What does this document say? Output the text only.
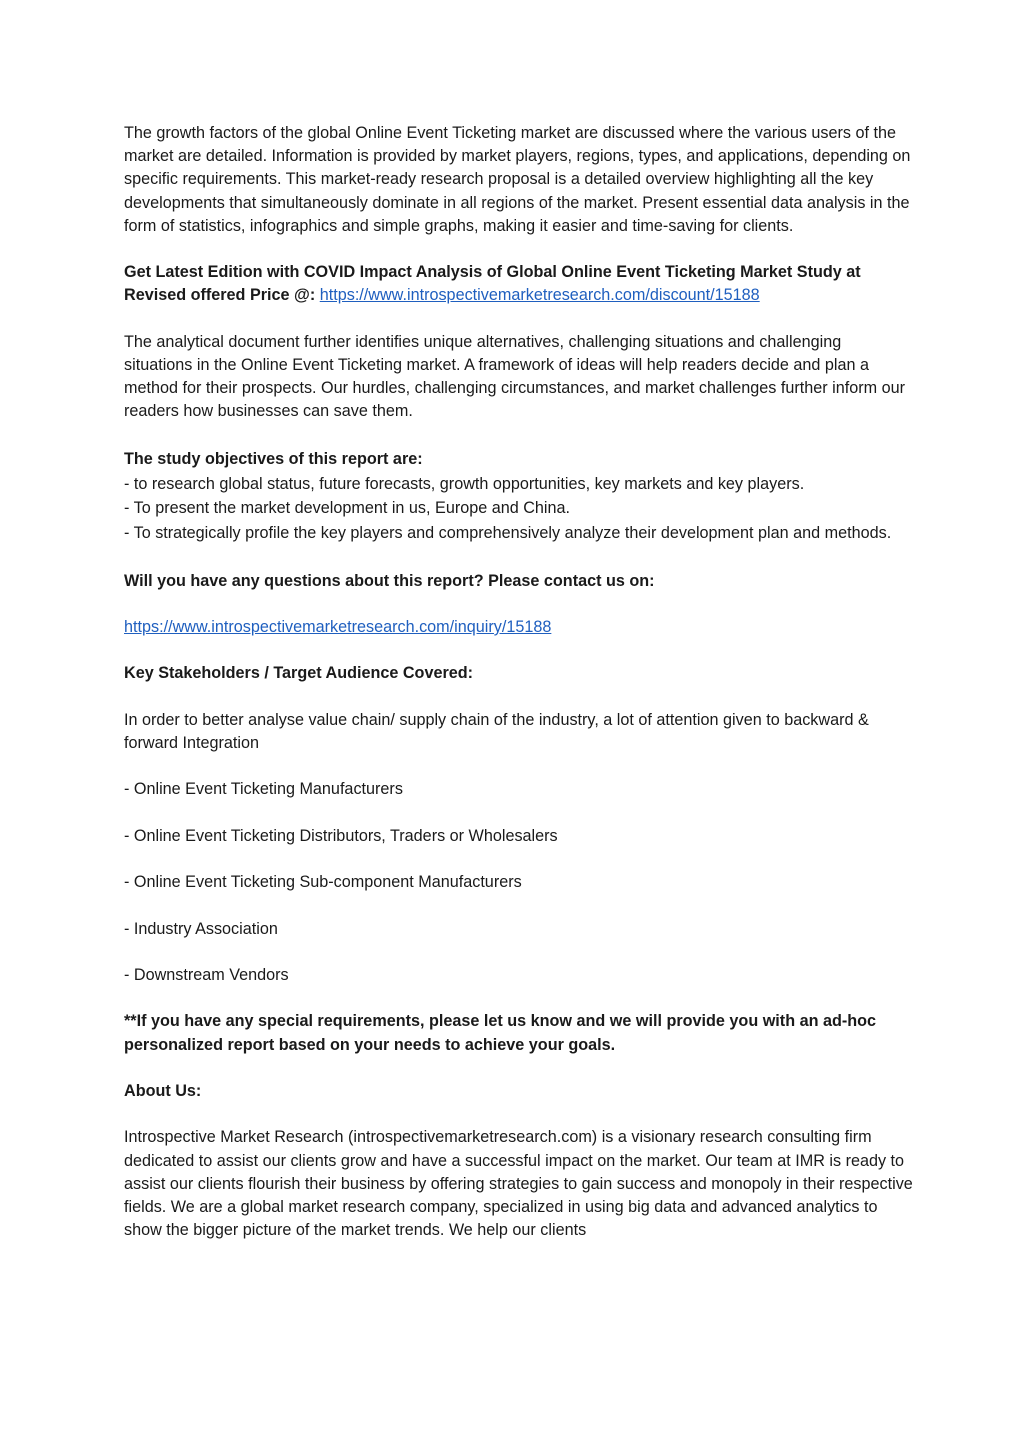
The growth factors of the global Online Event Ticketing market are discussed where the various users of the market are detailed. Information is provided by market players, regions, types, and applications, depending on specific requirements. This market-ready research proposal is a detailed overview highlighting all the key developments that simultaneously dominate in all regions of the market. Present essential data analysis in the form of statistics, infographics and simple graphs, making it easier and time-saving for clients.

Get Latest Edition with COVID Impact Analysis of Global Online Event Ticketing Market Study at Revised offered Price @: https://www.introspectivemarketresearch.com/discount/15188

The analytical document further identifies unique alternatives, challenging situations and challenging situations in the Online Event Ticketing market. A framework of ideas will help readers decide and plan a method for their prospects. Our hurdles, challenging circumstances, and market challenges further inform our readers how businesses can save them.

The study objectives of this report are:

- to research global status, future forecasts, growth opportunities, key markets and key players.

- To present the market development in us, Europe and China.

- To strategically profile the key players and comprehensively analyze their development plan and methods.

Will you have any questions about this report? Please contact us on:

https://www.introspectivemarketresearch.com/inquiry/15188

Key Stakeholders / Target Audience Covered:

In order to better analyse value chain/ supply chain of the industry, a lot of attention given to backward & forward Integration

- Online Event Ticketing Manufacturers

- Online Event Ticketing Distributors, Traders or Wholesalers

- Online Event Ticketing Sub-component Manufacturers

- Industry Association

- Downstream Vendors

**If you have any special requirements, please let us know and we will provide you with an ad-hoc personalized report based on your needs to achieve your goals.

About Us:

Introspective Market Research (introspectivemarketresearch.com) is a visionary research consulting firm dedicated to assist our clients grow and have a successful impact on the market. Our team at IMR is ready to assist our clients flourish their business by offering strategies to gain success and monopoly in their respective fields. We are a global market research company, specialized in using big data and advanced analytics to show the bigger picture of the market trends. We help our clients
